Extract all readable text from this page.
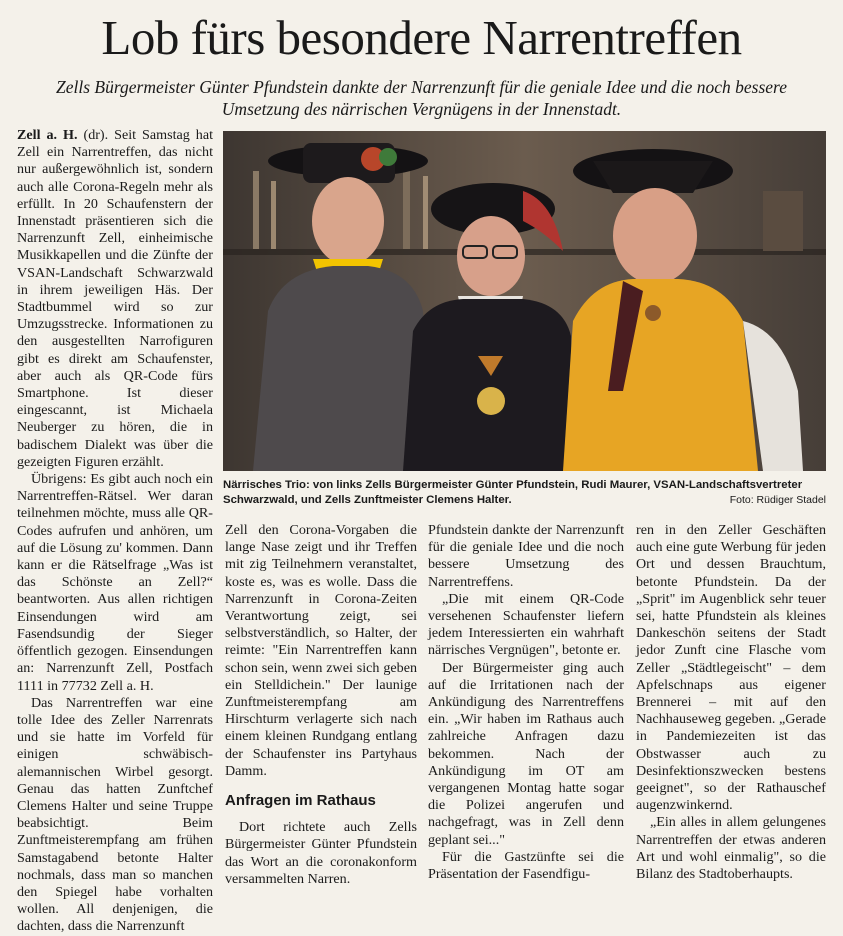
Lob fürs besondere Narrentreffen
Zells Bürgermeister Günter Pfundstein dankte der Narrenzunft für die geniale Idee und die noch bessere Umsetzung des närrischen Vergnügens in der Innenstadt.

Zell a. H. (dr). Seit Samstag hat Zell ein Narrentreffen, das nicht nur außergewöhnlich ist, sondern auch alle Corona-Regeln mehr als erfüllt. In 20 Schaufenstern der Innenstadt präsentieren sich die Narrenzunft Zell, einheimische Musikkapellen und die Zünfte der VSAN-Landschaft Schwarzwald in ihrem jeweiligen Häs. Der Stadtbummel wird so zur Umzugsstrecke. Informationen zu den ausgestellten Narrofiguren gibt es direkt am Schaufenster, aber auch als QR-Code fürs Smartphone. Ist dieser eingescannt, ist Michaela Neuberger zu hören, die in badischem Dialekt was über die gezeigten Figuren erzählt.

Übrigens: Es gibt auch noch ein Narrentreffen-Rätsel. Wer daran teilnehmen möchte, muss alle QR-Codes aufrufen und anhören, um auf die Lösung zu' kommen. Dann kann er die Rätselfrage „Was ist das Schönste an Zell?“ beantworten. Aus allen richtigen Einsendungen wird am Fasendsundig der Sieger öffentlich gezogen. Einsendungen an: Narrenzunft Zell, Postfach 1111 in 77732 Zell a. H.

Das Narrentreffen war eine tolle Idee des Zeller Narrenrats und sie hatte im Vorfeld für einigen schwäbisch-alemannischen Wirbel gesorgt. Genau das hatten Zunftchef Clemens Halter und seine Truppe beabsichtigt. Beim Zunftmeisterempfang am frühen Samstagabend betonte Halter nochmals, dass man so manchen den Spiegel habe vorhalten wollen. All denjenigen, die dachten, dass die Narrenzunft

Närrisches Trio: von links Zells Bürgermeister Günter Pfundstein, Rudi Maurer, VSAN-Landschaftsvertreter Schwarzwald, und Zells Zunftmeister Clemens Halter.	Foto: Rüdiger Stadel

Zell den Corona-Vorgaben die lange Nase zeigt und ihr Treffen mit zig Teilnehmern veranstaltet, koste es, was es wolle. Dass die Narrenzunft in Corona-Zeiten Verantwortung zeigt, sei selbstverständlich, so Halter, der reimte: "Ein Narrentreffen kann schon sein, wenn zwei sich geben ein Stelldichein." Der launige Zunftmeisterempfang am Hirschturm verlagerte sich nach einem kleinen Rundgang entlang der Schaufenster ins Partyhaus Damm.

Anfragen im Rathaus

Dort richtete auch Zells Bürgermeister Günter Pfundstein das Wort an die coronakonform versammelten Narren.

Pfundstein dankte der Narrenzunft für die geniale Idee und die noch bessere Umsetzung des Narrentreffens.

„Die mit einem QR-Code versehenen Schaufenster liefern jedem Interessierten ein wahrhaft närrisches Vergnügen", betonte er.

Der Bürgermeister ging auch auf die Irritationen nach der Ankündigung des Narrentreffens ein. „Wir haben im Rathaus auch zahlreiche Anfragen dazu bekommen. Nach der Ankündigung im OT am vergangenen Montag hatte sogar die Polizei angerufen und nachgefragt, was in Zell denn geplant sei..."

Für die Gastzünfte sei die Präsentation der Fasendfigu-

ren in den Zeller Geschäften auch eine gute Werbung für jeden Ort und dessen Brauchtum, betonte Pfundstein. Da der „Sprit" im Augenblick sehr teuer sei, hatte Pfundstein als kleines Dankeschön seitens der Stadt jedor Zunft cine Flasche vom Zeller „Städtlegeischt" – dem Apfelschnaps aus eigener Brennerei – mit auf den Nachhauseweg gegeben. „Gerade in Pandemiezeiten ist das Obstwasser auch zu Desinfektionszwecken bestens geeignet", so der Rathauschef augenzwinkernd.

„Ein alles in allem gelungenes Narrentreffen der etwas anderen Art und wohl einmalig", so die Bilanz des Stadtoberhaupts.
